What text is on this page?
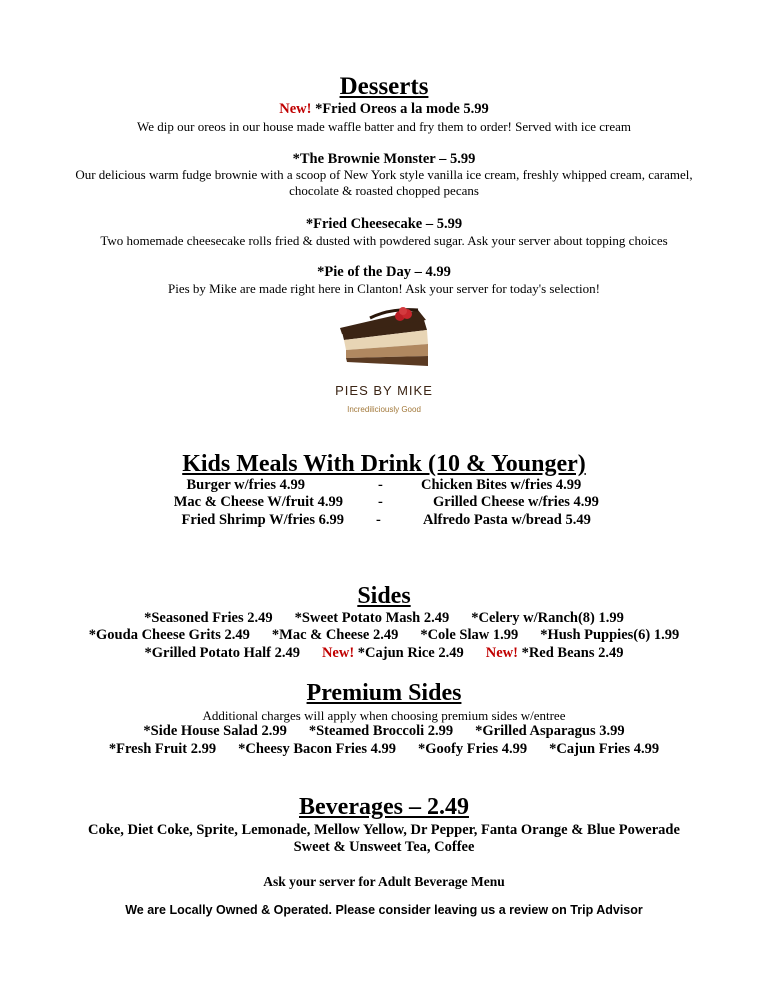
Desserts
New! *Fried Oreos a la mode 5.99
We dip our oreos in our house made waffle batter and fry them to order! Served with ice cream
*The Brownie Monster – 5.99
Our delicious warm fudge brownie with a scoop of New York style vanilla ice cream, freshly whipped cream, caramel,
chocolate & roasted chopped pecans
*Fried Cheesecake – 5.99
Two homemade cheesecake rolls fried & dusted with powdered sugar. Ask your server about topping choices
*Pie of the Day – 4.99
Pies by Mike are made right here in Clanton! Ask your server for today's selection!
PIES BY MIKE
Incrediliciously Good
Kids Meals With Drink (10 & Younger)
Burger w/fries 4.99	-	Chicken Bites w/fries 4.99
Mac & Cheese W/fruit 4.99 -	Grilled Cheese w/fries 4.99
Fried Shrimp W/fries 6.99 -	Alfredo Pasta w/bread 5.49
Sides
*Seasoned Fries 2.49 *Sweet Potato Mash 2.49 *Celery w/Ranch(8) 1.99
*Gouda Cheese Grits 2.49 *Mac & Cheese 2.49 *Cole Slaw 1.99 *Hush Puppies(6) 1.99
*Grilled Potato Half 2.49 New! *Cajun Rice 2.49 New! *Red Beans 2.49
Premium Sides
Additional charges will apply when choosing premium sides w/entree
*Side House Salad 2.99 *Steamed Broccoli 2.99 *Grilled Asparagus 3.99
*Fresh Fruit 2.99 *Cheesy Bacon Fries 4.99 *Goofy Fries 4.99 *Cajun Fries 4.99
Beverages – 2.49
Coke, Diet Coke, Sprite, Lemonade, Mellow Yellow, Dr Pepper, Fanta Orange & Blue Powerade
Sweet & Unsweet Tea, Coffee
Ask your server for Adult Beverage Menu
We are Locally Owned & Operated. Please consider leaving us a review on Trip Advisor
